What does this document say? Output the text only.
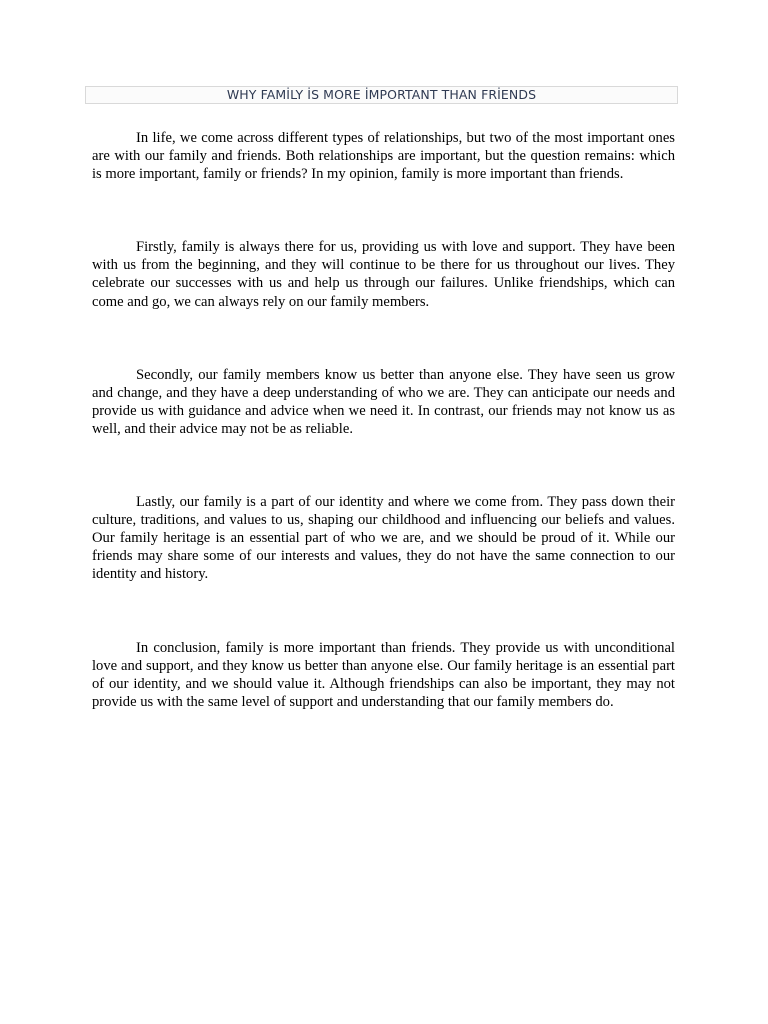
WHY FAMİLY İS MORE İMPORTANT THAN FRİENDS

In life, we come across different types of relationships, but two of the most important ones are with our family and friends. Both relationships are important, but the question remains: which is more important, family or friends? In my opinion, family is more important than friends.

Firstly, family is always there for us, providing us with love and support. They have been with us from the beginning, and they will continue to be there for us throughout our lives. They celebrate our successes with us and help us through our failures. Unlike friendships, which can come and go, we can always rely on our family members.

Secondly, our family members know us better than anyone else. They have seen us grow and change, and they have a deep understanding of who we are. They can anticipate our needs and provide us with guidance and advice when we need it. In contrast, our friends may not know us as well, and their advice may not be as reliable.

Lastly, our family is a part of our identity and where we come from. They pass down their culture, traditions, and values to us, shaping our childhood and influencing our beliefs and values. Our family heritage is an essential part of who we are, and we should be proud of it. While our friends may share some of our interests and values, they do not have the same connection to our identity and history.

In conclusion, family is more important than friends. They provide us with unconditional love and support, and they know us better than anyone else. Our family heritage is an essential part of our identity, and we should value it. Although friendships can also be important, they may not provide us with the same level of support and understanding that our family members do.
